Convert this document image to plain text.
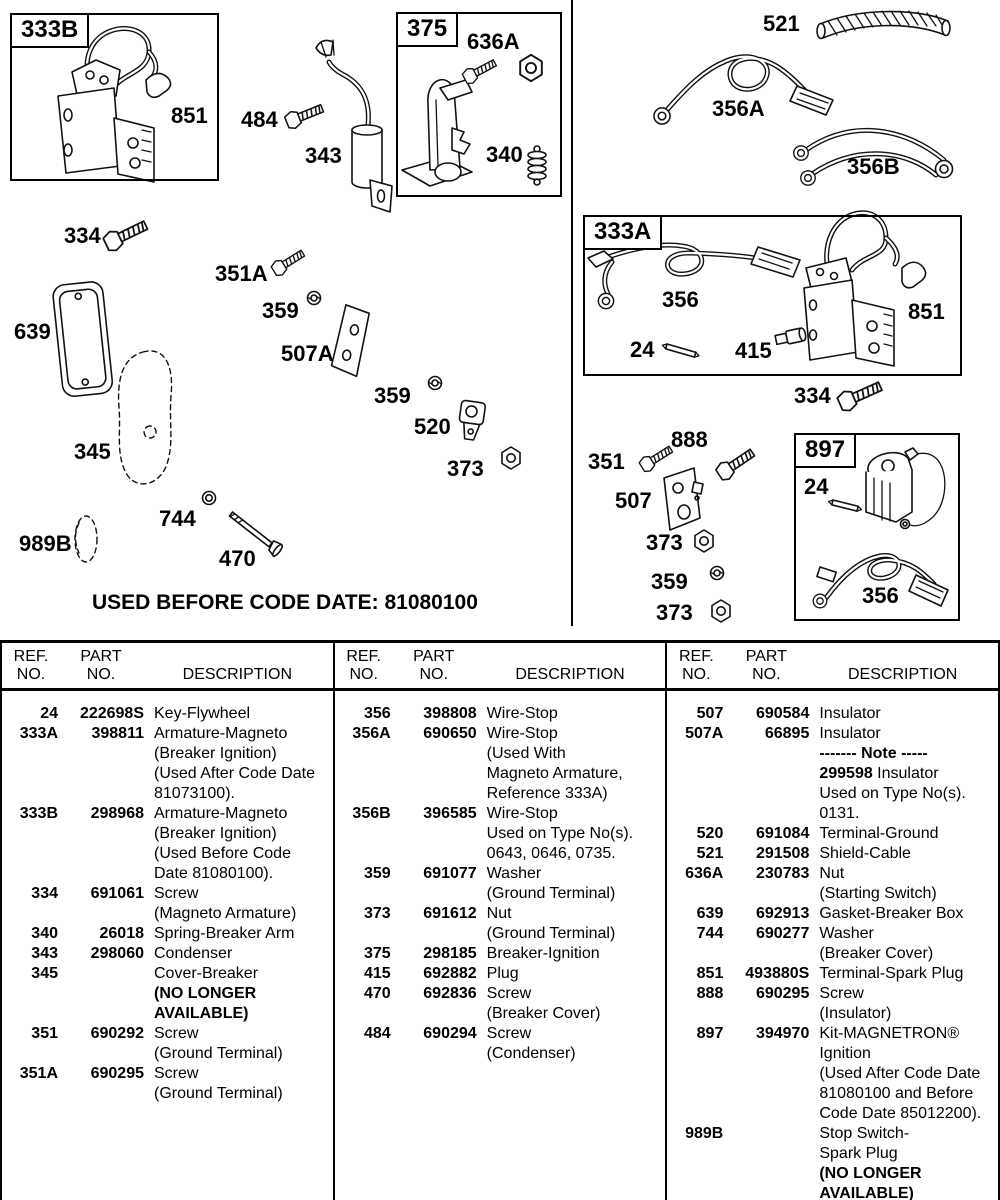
333B	375
333A
897
851 484
343
636A
340
521
356A
356B
356	851
24	415
334
334
351A
359
507A
639
359
520
373
345
989B
744
470
888
351
507
373
359
373
24
356
USED BEFORE CODE DATE: 81080100
REF.
NO.
PART
NO.	DESCRIPTION
24	222698S Key-Flywheel
333A	398811 Armature-Magneto
(Breaker Ignition)
(Used After Code Date
81073100).
333B	298968 Armature-Magneto
(Breaker Ignition)
(Used Before Code
Date 81080100).
334	691061 Screw
(Magneto Armature)
340	26018 Spring-Breaker Arm
343	298060 Condenser
345	Cover-Breaker
(NO LONGER
AVAILABLE)
351	690292 Screw
(Ground Terminal)
351A	690295 Screw
(Ground Terminal)
REF.
NO.
PART
NO.	DESCRIPTION
356	398808 Wire-Stop
356A	690650 Wire-Stop
(Used With
Magneto Armature,
Reference 333A)
356B	396585 Wire-Stop
Used on Type No(s).
0643, 0646, 0735.
359	691077 Washer
(Ground Terminal)
373	691612 Nut
(Ground Terminal)
375	298185 Breaker-Ignition
415	692882 Plug
470	692836 Screw
(Breaker Cover)
484	690294 Screw
(Condenser)
REF.
NO.
PART
NO.	DESCRIPTION
507	690584 Insulator
507A	66895 Insulator
------- Note -----
299598 Insulator
Used on Type No(s).
0131.
520	691084 Terminal-Ground
521	291508 Shield-Cable
636A	230783 Nut
(Starting Switch)
639	692913 Gasket-Breaker Box
744	690277 Washer
(Breaker Cover)
851	493880S Terminal-Spark Plug
888	690295 Screw
(Insulator)
897	394970 Kit-MAGNETRON®
Ignition
(Used After Code Date
81080100 and Before
Code Date 85012200).
989B	Stop Switch-
Spark Plug
(NO LONGER
AVAILABLE)
